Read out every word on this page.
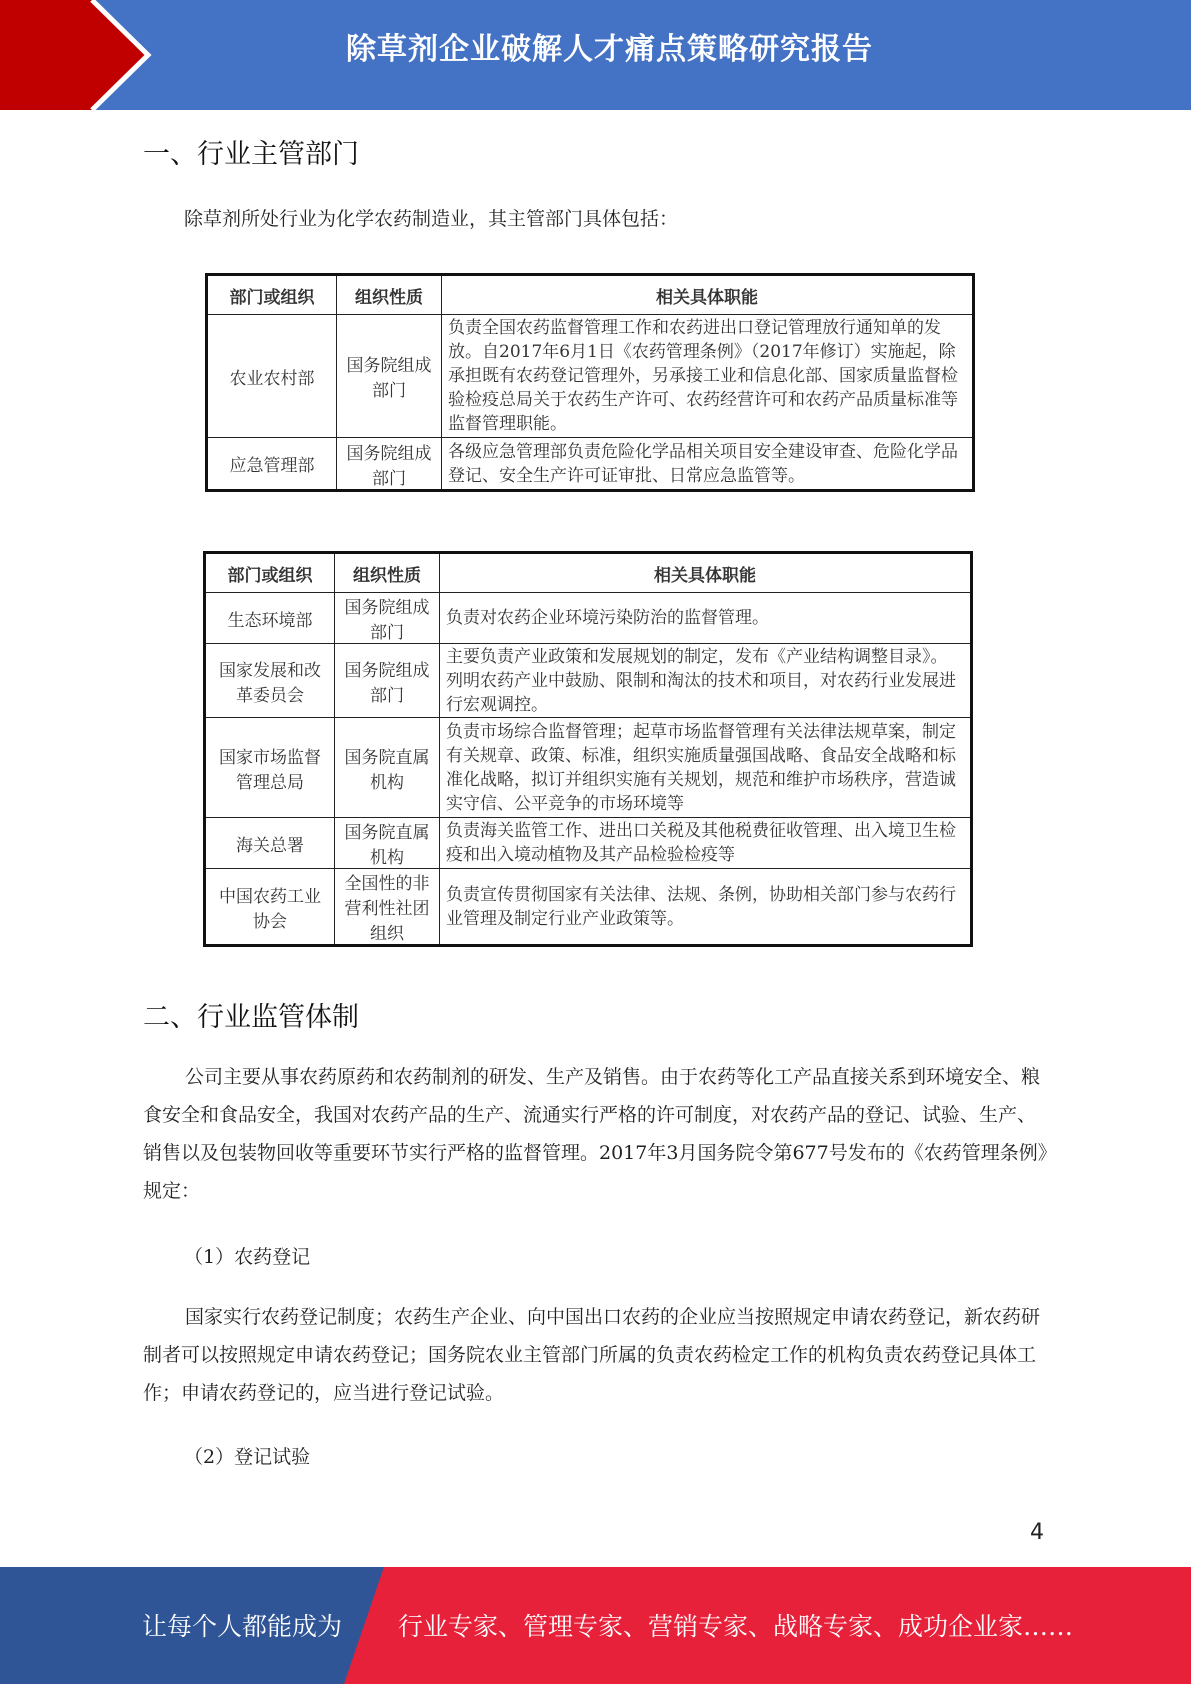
除草剂企业破解人才痛点策略研究报告
一、行业主管部门
除草剂所处行业为化学农药制造业，其主管部门具体包括：
部门或组织	组织性质	相关具体职能
农业农村部	国务院组成部门	负责全国农药监督管理工作和农药进出口登记管理放行通知单的发放。自2017年6月1日《农药管理条例》（2017年修订）实施起，除承担既有农药登记管理外，另承接工业和信息化部、国家质量监督检验检疫总局关于农药生产许可、农药经营许可和农药产品质量标准等监督管理职能。
应急管理部	国务院组成部门	各级应急管理部负责危险化学品相关项目安全建设审查、危险化学品登记、安全生产许可证审批、日常应急监管等。
部门或组织	组织性质	相关具体职能
生态环境部	国务院组成部门	负责对农药企业环境污染防治的监督管理。
国家发展和改革委员会	国务院组成部门	主要负责产业政策和发展规划的制定，发布《产业结构调整目录》。列明农药产业中鼓励、限制和淘汰的技术和项目，对农药行业发展进行宏观调控。
国家市场监督管理总局	国务院直属机构	负责市场综合监督管理；起草市场监督管理有关法律法规草案，制定有关规章、政策、标准，组织实施质量强国战略、食品安全战略和标准化战略，拟订并组织实施有关规划，规范和维护市场秩序，营造诚实守信、公平竞争的市场环境等
海关总署	国务院直属机构	负责海关监管工作、进出口关税及其他税费征收管理、出入境卫生检疫和出入境动植物及其产品检验检疫等
中国农药工业协会	全国性的非营利性社团组织	负责宣传贯彻国家有关法律、法规、条例，协助相关部门参与农药行业管理及制定行业产业政策等。
二、行业监管体制
公司主要从事农药原药和农药制剂的研发、生产及销售。由于农药等化工产品直接关系到环境安全、粮食安全和食品安全，我国对农药产品的生产、流通实行严格的许可制度，对农药产品的登记、试验、生产、销售以及包装物回收等重要环节实行严格的监督管理。2017年3月国务院令第677号发布的《农药管理条例》规定：
（1）农药登记
国家实行农药登记制度；农药生产企业、向中国出口农药的企业应当按照规定申请农药登记，新农药研制者可以按照规定申请农药登记；国务院农业主管部门所属的负责农药检定工作的机构负责农药登记具体工作；申请农药登记的，应当进行登记试验。
（2）登记试验
4
让每个人都能成为 行业专家、管理专家、营销专家、战略专家、成功企业家……
